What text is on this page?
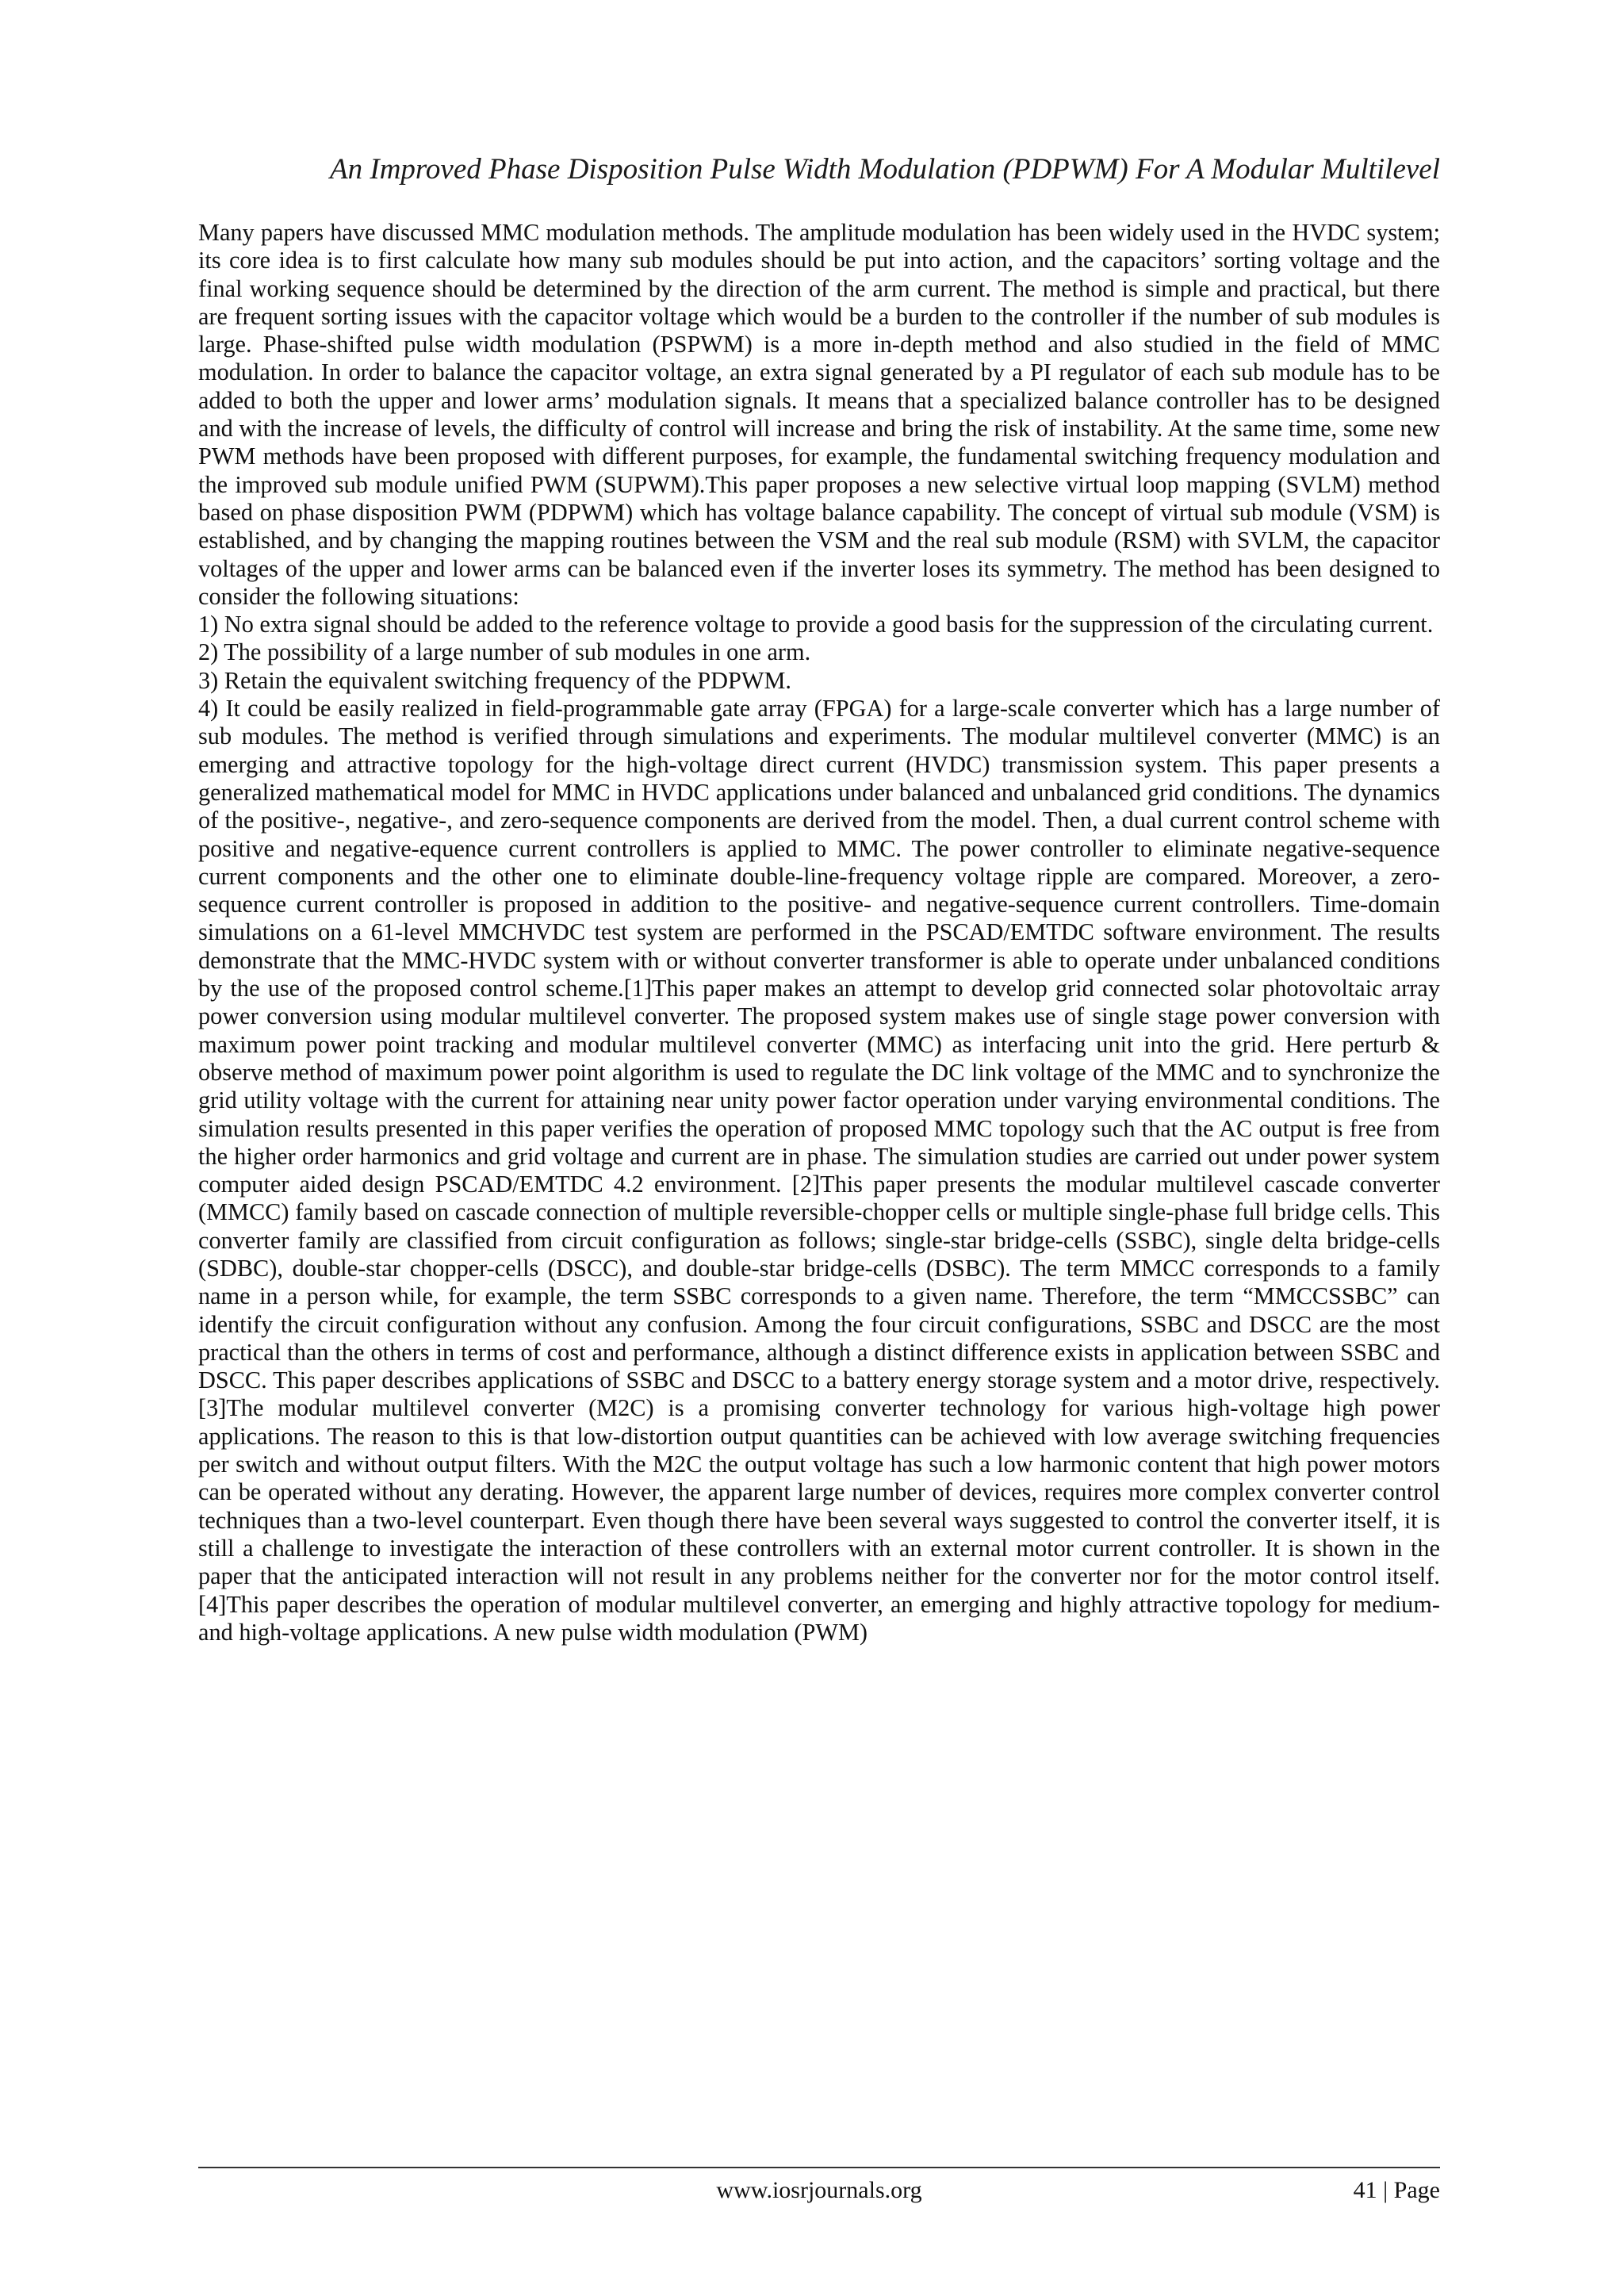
An Improved Phase Disposition Pulse Width Modulation (PDPWM) For A Modular Multilevel

Many papers have discussed MMC modulation methods. The amplitude modulation has been widely used in the HVDC system; its core idea is to first calculate how many sub modules should be put into action, and the capacitors’ sorting voltage and the final working sequence should be determined by the direction of the arm current. The method is simple and practical, but there are frequent sorting issues with the capacitor voltage which would be a burden to the controller if the number of sub modules is large. Phase-shifted pulse width modulation (PSPWM) is a more in-depth method and also studied in the field of MMC modulation. In order to balance the capacitor voltage, an extra signal generated by a PI regulator of each sub module has to be added to both the upper and lower arms’ modulation signals. It means that a specialized balance controller has to be designed and with the increase of levels, the difficulty of control will increase and bring the risk of instability. At the same time, some new PWM methods have been proposed with different purposes, for example, the fundamental switching frequency modulation and the improved sub module unified PWM (SUPWM).This paper proposes a new selective virtual loop mapping (SVLM) method based on phase disposition PWM (PDPWM) which has voltage balance capability. The concept of virtual sub module (VSM) is established, and by changing the mapping routines between the VSM and the real sub module (RSM) with SVLM, the capacitor voltages of the upper and lower arms can be balanced even if the inverter loses its symmetry. The method has been designed to consider the following situations:

1) No extra signal should be added to the reference voltage to provide a good basis for the suppression of the circulating current.

2) The possibility of a large number of sub modules in one arm.

3) Retain the equivalent switching frequency of the PDPWM.

4) It could be easily realized in field-programmable gate array (FPGA) for a large-scale converter which has a large number of sub modules. The method is verified through simulations and experiments. The modular multilevel converter (MMC) is an emerging and attractive topology for the high-voltage direct current (HVDC) transmission system. This paper presents a generalized mathematical model for MMC in HVDC applications under balanced and unbalanced grid conditions. The dynamics of the positive-, negative-, and zero-sequence components are derived from the model. Then, a dual current control scheme with positive and negative-equence current controllers is applied to MMC. The power controller to eliminate negative-sequence current components and the other one to eliminate double-line-frequency voltage ripple are compared. Moreover, a zero-sequence current controller is proposed in addition to the positive- and negative-sequence current controllers. Time-domain simulations on a 61-level MMCHVDC test system are performed in the PSCAD/EMTDC software environment. The results demonstrate that the MMC-HVDC system with or without converter transformer is able to operate under unbalanced conditions by the use of the proposed control scheme.[1]This paper makes an attempt to develop grid connected solar photovoltaic array power conversion using modular multilevel converter. The proposed system makes use of single stage power conversion with maximum power point tracking and modular multilevel converter (MMC) as interfacing unit into the grid. Here perturb & observe method of maximum power point algorithm is used to regulate the DC link voltage of the MMC and to synchronize the grid utility voltage with the current for attaining near unity power factor operation under varying environmental conditions. The simulation results presented in this paper verifies the operation of proposed MMC topology such that the AC output is free from the higher order harmonics and grid voltage and current are in phase. The simulation studies are carried out under power system computer aided design PSCAD/EMTDC 4.2 environment. [2]This paper presents the modular multilevel cascade converter (MMCC) family based on cascade connection of multiple reversible-chopper cells or multiple single-phase full bridge cells. This converter family are classified from circuit configuration as follows; single-star bridge-cells (SSBC), single delta bridge-cells (SDBC), double-star chopper-cells (DSCC), and double-star bridge-cells (DSBC). The term MMCC corresponds to a family name in a person while, for example, the term SSBC corresponds to a given name. Therefore, the term “MMCCSSBC” can identify the circuit configuration without any confusion. Among the four circuit configurations, SSBC and DSCC are the most practical than the others in terms of cost and performance, although a distinct difference exists in application between SSBC and DSCC. This paper describes applications of SSBC and DSCC to a battery energy storage system and a motor drive, respectively.[3]The modular multilevel converter (M2C) is a promising converter technology for various high-voltage high power applications. The reason to this is that low-distortion output quantities can be achieved with low average switching frequencies per switch and without output filters. With the M2C the output voltage has such a low harmonic content that high power motors can be operated without any derating. However, the apparent large number of devices, requires more complex converter control techniques than a two-level counterpart. Even though there have been several ways suggested to control the converter itself, it is still a challenge to investigate the interaction of these controllers with an external motor current controller. It is shown in the paper that the anticipated interaction will not result in any problems neither for the converter nor for the motor control itself.[4]This paper describes the operation of modular multilevel converter, an emerging and highly attractive topology for medium- and high-voltage applications. A new pulse width modulation (PWM)

www.iosrjournals.org	41 | Page
